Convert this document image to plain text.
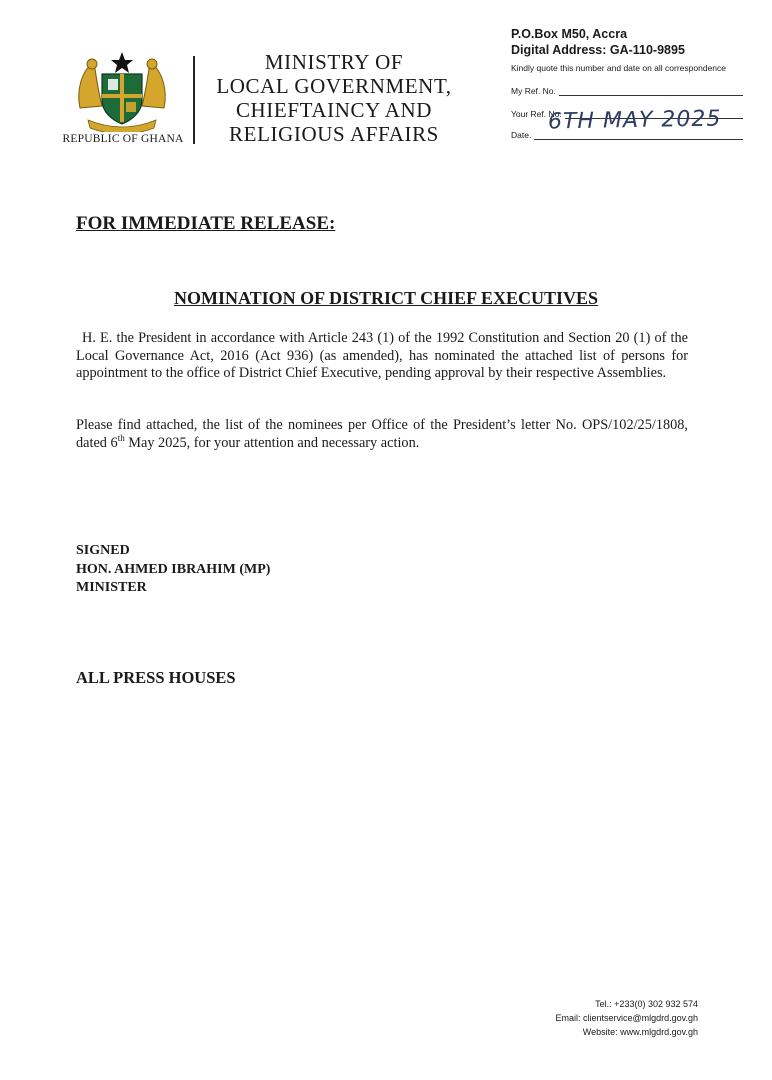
REPUBLIC OF GHANA
MINISTRY OF
LOCAL GOVERNMENT,
CHIEFTAINCY AND
RELIGIOUS AFFAIRS
P.O.Box M50, Accra
Digital Address: GA-110-9895
Kindly quote this number and date on all correspondence
My Ref. No.
Your Ref. No.
Date.
6TH MAY 2025
FOR IMMEDIATE RELEASE:
NOMINATION OF DISTRICT CHIEF EXECUTIVES
H. E. the President in accordance with Article 243 (1) of the 1992 Constitution and Section 20 (1) of the Local Governance Act, 2016 (Act 936) (as amended), has nominated the attached list of persons for appointment to the office of District Chief Executive, pending approval by their respective Assemblies.
Please find attached, the list of the nominees per Office of the President’s letter No. OPS/102/25/1808, dated 6th May 2025, for your attention and necessary action.
SIGNED
HON. AHMED IBRAHIM (MP)
MINISTER
ALL PRESS HOUSES
Tel.: +233(0) 302 932 574
Email: clientservice@mlgdrd.gov.gh
Website: www.mlgdrd.gov.gh
